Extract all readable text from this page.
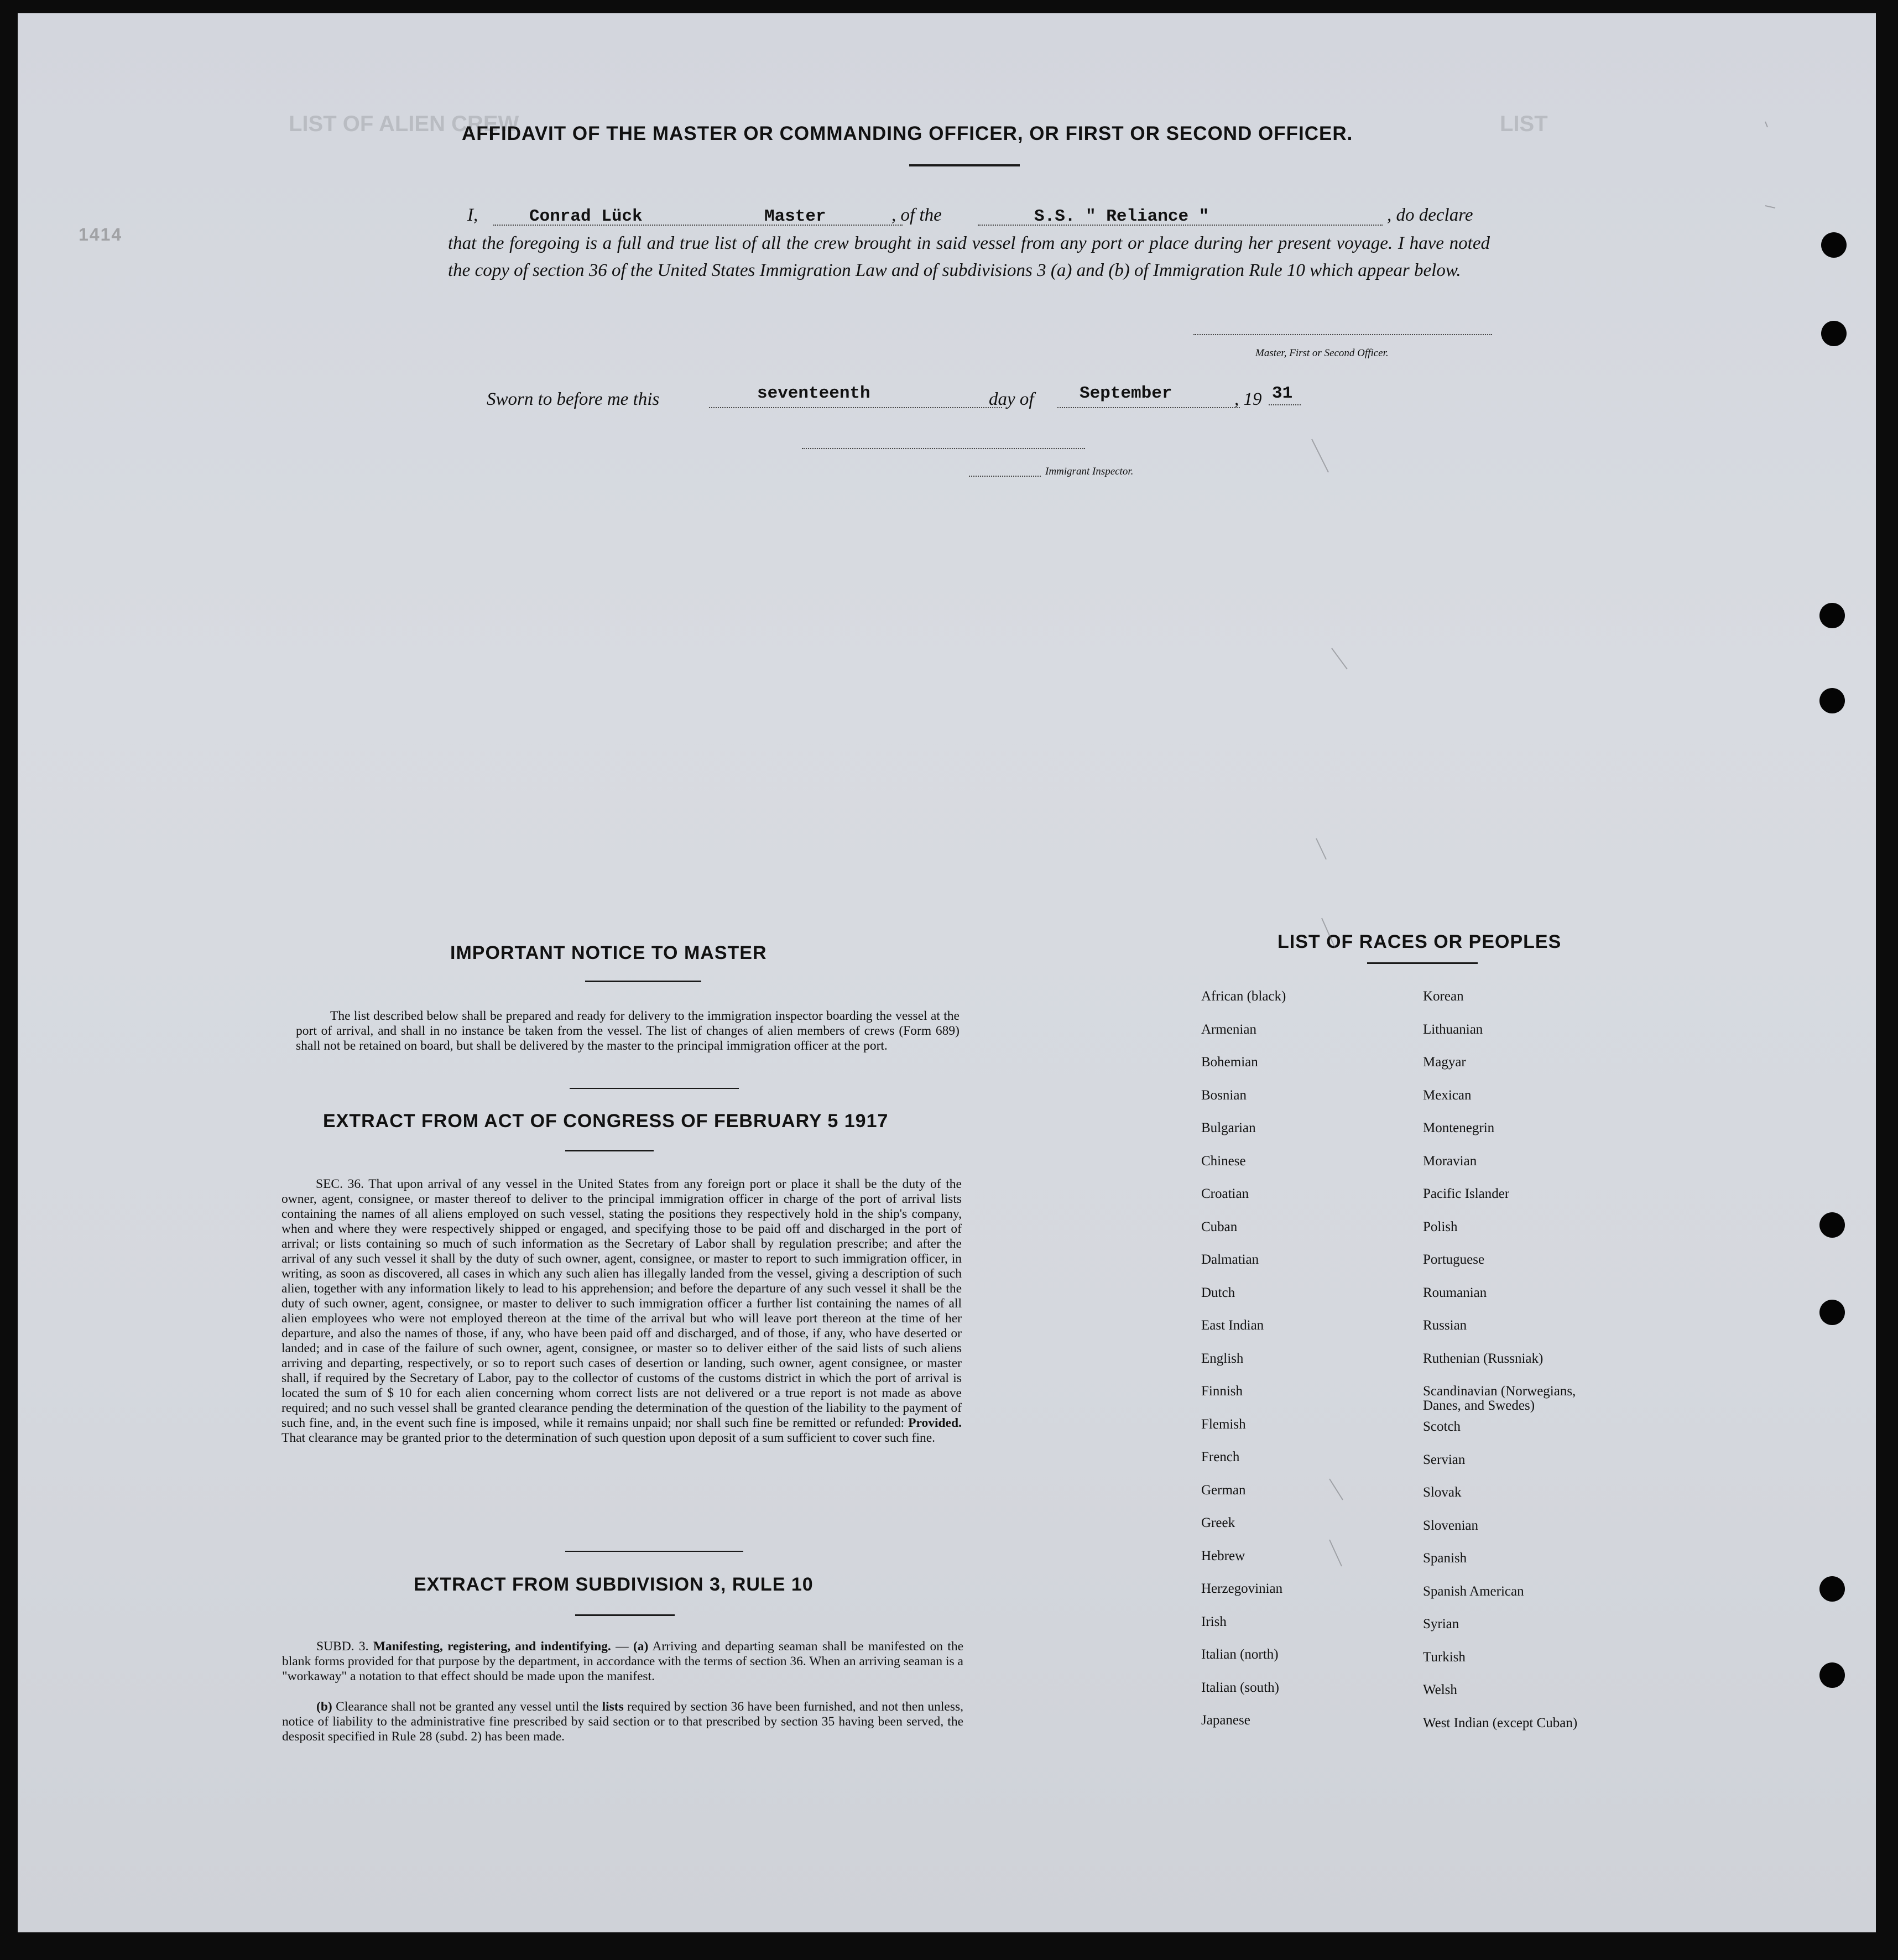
LIST OF ALIEN CREW	LIST
1414
AFFIDAVIT OF THE MASTER OR COMMANDING OFFICER, OR FIRST OR SECOND OFFICER.
I,	Conrad Lück	Master	, of the	S.S. " Reliance "	, do declare
that the foregoing is a full and true list of all the crew brought in said vessel from any port or place during her present voyage. I have noted the copy of section 36 of the United States Immigration Law and of subdivisions 3 (a) and (b) of Immigration Rule 10 which appear below.
Master, First or Second Officer.
Sworn to before me this	seventeenth	day of	September	, 19 31
Immigrant Inspector.
IMPORTANT NOTICE TO MASTER
The list described below shall be prepared and ready for delivery to the immigration inspector boarding the vessel at the port of arrival, and shall in no instance be taken from the vessel. The list of changes of alien members of crews (Form 689) shall not be retained on board, but shall be delivered by the master to the principal immigration officer at the port.
EXTRACT FROM ACT OF CONGRESS OF FEBRUARY 5 1917
SEC. 36. That upon arrival of any vessel in the United States from any foreign port or place it shall be the duty of the owner, agent, consignee, or master thereof to deliver to the principal immigration officer in charge of the port of arrival lists containing the names of all aliens employed on such vessel, stating the positions they respectively hold in the ship's company, when and where they were respectively shipped or engaged, and specifying those to be paid off and discharged in the port of arrival; or lists containing so much of such information as the Secretary of Labor shall by regulation prescribe; and after the arrival of any such vessel it shall by the duty of such owner, agent, consignee, or master to report to such immigration officer, in writing, as soon as discovered, all cases in which any such alien has illegally landed from the vessel, giving a description of such alien, together with any information likely to lead to his apprehension; and before the departure of any such vessel it shall be the duty of such owner, agent, consignee, or master to deliver to such immigration officer a further list containing the names of all alien employees who were not employed thereon at the time of the arrival but who will leave port thereon at the time of her departure, and also the names of those, if any, who have been paid off and discharged, and of those, if any, who have deserted or landed; and in case of the failure of such owner, agent, consignee, or master so to deliver either of the said lists of such aliens arriving and departing, respectively, or so to report such cases of desertion or landing, such owner, agent consignee, or master shall, if required by the Secretary of Labor, pay to the collector of customs of the customs district in which the port of arrival is located the sum of $ 10 for each alien concerning whom correct lists are not delivered or a true report is not made as above required; and no such vessel shall be granted clearance pending the determination of the question of the liability to the payment of such fine, and, in the event such fine is imposed, while it remains unpaid; nor shall such fine be remitted or refunded: Provided. That clearance may be granted prior to the determination of such question upon deposit of a sum sufficient to cover such fine.
EXTRACT FROM SUBDIVISION 3, RULE 10
SUBD. 3. Manifesting, registering, and indentifying. — (a) Arriving and departing seaman shall be manifested on the blank forms provided for that purpose by the department, in accordance with the terms of section 36. When an arriving seaman is a "workaway" a notation to that effect should be made upon the manifest.
(b) Clearance shall not be granted any vessel until the lists required by section 36 have been furnished, and not then unless, notice of liability to the administrative fine prescribed by said section or to that prescribed by section 35 having been served, the desposit specified in Rule 28 (subd. 2) has been made.
LIST OF RACES OR PEOPLES
African (black)
Armenian
Bohemian
Bosnian
Bulgarian
Chinese
Croatian
Cuban
Dalmatian
Dutch
East Indian
English
Finnish
Flemish
French
German
Greek
Hebrew
Herzegovinian
Irish
Italian (north)
Italian (south)
Japanese
Korean
Lithuanian
Magyar
Mexican
Montenegrin
Moravian
Pacific Islander
Polish
Portuguese
Roumanian
Russian
Ruthenian (Russniak)
Scandinavian (Norwegians, Danes, and Swedes)
Scotch
Servian
Slovak
Slovenian
Spanish
Spanish American
Syrian
Turkish
Welsh
West Indian (except Cuban)
